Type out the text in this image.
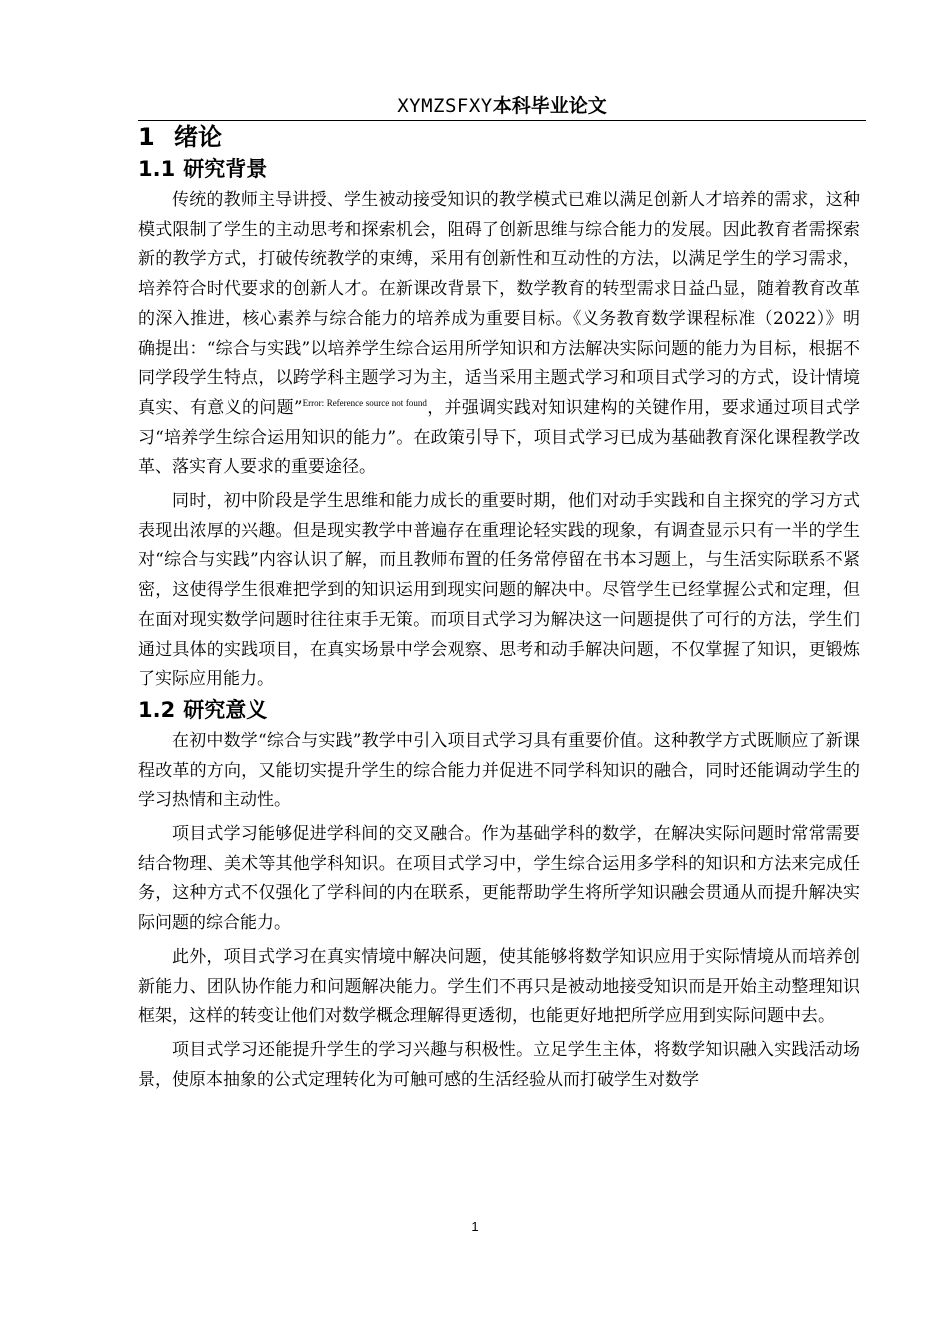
XYMZSFXY本科毕业论文
1 绪论
1.1 研究背景

传统的教师主导讲授、学生被动接受知识的教学模式已难以满足创新人才培养的需求，这种模式限制了学生的主动思考和探索机会，阻碍了创新思维与综合能力的发展。因此教育者需探索新的教学方式，打破传统教学的束缚，采用有创新性和互动性的方法，以满足学生的学习需求，培养符合时代要求的创新人才。在新课改背景下，数学教育的转型需求日益凸显，随着教育改革的深入推进，核心素养与综合能力的培养成为重要目标。《义务教育数学课程标准（2022）》明确提出：“综合与实践”以培养学生综合运用所学知识和方法解决实际问题的能力为目标，根据不同学段学生特点，以跨学科主题学习为主，适当采用主题式学习和项目式学习的方式，设计情境真实、有意义的问题”$^{Error: Reference source not found}$，并强调实践对知识建构的关键作用，要求通过项目式学习“培养学生综合运用知识的能力”。在政策引导下，项目式学习已成为基础教育深化课程教学改革、落实育人要求的重要途径。

同时，初中阶段是学生思维和能力成长的重要时期，他们对动手实践和自主探究的学习方式表现出浓厚的兴趣。但是现实教学中普遍存在重理论轻实践的现象，有调查显示只有一半的学生对“综合与实践”内容认识了解，而且教师布置的任务常停留在书本习题上，与生活实际联系不紧密，这使得学生很难把学到的知识运用到现实问题的解决中。尽管学生已经掌握公式和定理，但在面对现实数学问题时往往束手无策。而项目式学习为解决这一问题提供了可行的方法，学生们通过具体的实践项目，在真实场景中学会观察、思考和动手解决问题，不仅掌握了知识，更锻炼了实际应用能力。

1.2 研究意义

在初中数学“综合与实践”教学中引入项目式学习具有重要价值。这种教学方式既顺应了新课程改革的方向，又能切实提升学生的综合能力并促进不同学科知识的融合，同时还能调动学生的学习热情和主动性。

项目式学习能够促进学科间的交叉融合。作为基础学科的数学，在解决实际问题时常常需要结合物理、美术等其他学科知识。在项目式学习中，学生综合运用多学科的知识和方法来完成任务，这种方式不仅强化了学科间的内在联系，更能帮助学生将所学知识融会贯通从而提升解决实际问题的综合能力。

此外，项目式学习在真实情境中解决问题，使其能够将数学知识应用于实际情境从而培养创新能力、团队协作能力和问题解决能力。学生们不再只是被动地接受知识而是开始主动整理知识框架，这样的转变让他们对数学概念理解得更透彻，也能更好地把所学应用到实际问题中去。

项目式学习还能提升学生的学习兴趣与积极性。立足学生主体，将数学知识融入实践活动场景，使原本抽象的公式定理转化为可触可感的生活经验从而打破学生对数学

1
